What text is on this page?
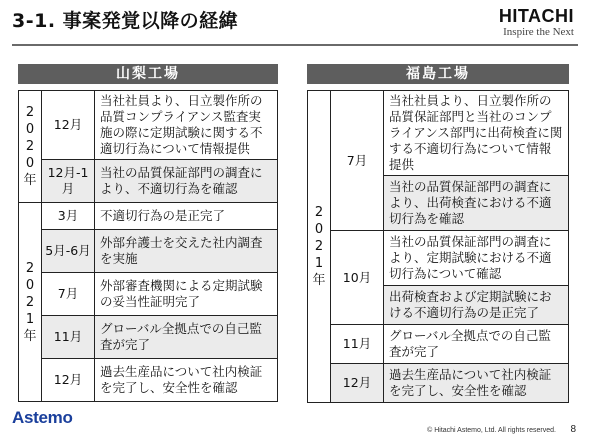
3-1. 事案発覚以降の経緯	HITACHI
Inspire the Next
山梨工場
2
0
2
0
年	12月	当社社員より、日立製作所の品質コンプライアンス監査実施の際に定期試験に関する不適切行為について情報提供
	12月-1月	当社の品質保証部門の調査により、不適切行為を確認

2
0
2
1
年	3月	不適切行為の是正完了
	5月-6月	外部弁護士を交えた社内調査を実施
	7月	外部審査機関による定期試験の妥当性証明完了
	11月	グローバル全拠点での自己監査が完了
	12月	過去生産品について社内検証を完了し、安全性を確認
福島工場
2
0
2
1
年	7月	当社社員より、日立製作所の品質保証部門と当社のコンプライアンス部門に出荷検査に関する不適切行為について情報提供
		当社の品質保証部門の調査により、出荷検査における不適切行為を確認
	10月	当社の品質保証部門の調査により、定期試験における不適切行為について確認
		出荷検査および定期試験における不適切行為の是正完了
	11月	グローバル全拠点での自己監査が完了
	12月	過去生産品について社内検証を完了し、安全性を確認
Astemo
© Hitachi Astemo, Ltd. All rights reserved. 8
